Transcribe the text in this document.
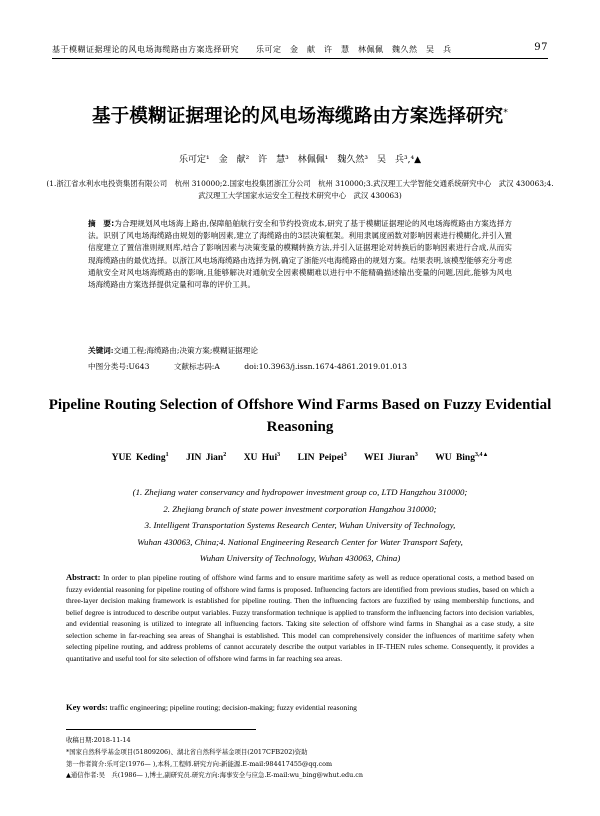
基于模糊证据理论的风电场海缆路由方案选择研究　　乐可定　金　献　许　慧　林佩佩　魏久然　吴　兵	97
基于模糊证据理论的风电场海缆路由方案选择研究*
乐可定¹　金　献²　许　慧³　林佩佩¹　魏久然³　吴　兵³,⁴▲
(1.浙江省水利水电投资集团有限公司　杭州 310000;2.国家电投集团浙江分公司　杭州 310000;3.武汉理工大学智能交通系统研究中心　武汉 430063;4.武汉理工大学国家水运安全工程技术研究中心　武汉 430063)
摘　要:为合理规划风电场海上路由,保障船舶航行安全和节约投资成本,研究了基于模糊证据理论的风电场海缆路由方案选择方法。识别了风电场海缆路由规划的影响因素,建立了海缆路由的3层决策框架。利用隶属度函数对影响因素进行模糊化,并引入置信度建立了置信准则规则库,结合了影响因素与决策变量的模糊转换方法,并引入证据理论对转换后的影响因素进行合成,从而实现海缆路由的最优选择。以浙江风电场海缆路由选择为例,确定了浙能兴电海缆路由的规划方案。结果表明,该模型能够充分考虑通航安全对风电场海缆路由的影响,且能够解决对通航安全因素模糊难以进行中不能精确描述输出变量的问题,因此,能够为风电场海缆路由方案选择提供定量和可靠的评价工具。
关键词:交通工程;海缆路由;决策方案;模糊证据理论
中图分类号:U643	文献标志码:A	doi:10.3963/j.issn.1674-4861.2019.01.013
Pipeline Routing Selection of Offshore Wind Farms Based on Fuzzy Evidential Reasoning
YUE Keding$^1$ JIN Jian$^2$ XU Hui$^3$ LIN Peipei$^3$ WEI Jiuran$^3$ WU Bing$^{3,4▲}$
(1. Zhejiang water conservancy and hydropower investment group co, LTD Hangzhou 310000;
2. Zhejiang branch of state power investment corporation Hangzhou 310000;
3. Intelligent Transportation Systems Research Center, Wuhan University of Technology,
Wuhan 430063, China;4. National Engineering Research Center for Water Transport Safety,
Wuhan University of Technology, Wuhan 430063, China)
Abstract: In order to plan pipeline routing of offshore wind farms and to ensure maritime safety as well as reduce operational costs, a method based on fuzzy evidential reasoning for pipeline routing of offshore wind farms is proposed. Influencing factors are identified from previous studies, based on which a three-layer decision making framework is established for pipeline routing. Then the influencing factors are fuzzified by using membership functions, and belief degree is introduced to describe output variables. Fuzzy transformation technique is applied to transform the influencing factors into decision variables, and evidential reasoning is utilized to integrate all influencing factors. Taking site selection of offshore wind farms in Shanghai as a case study, a site selection scheme in far-reaching sea areas of Shanghai is established. This model can comprehensively consider the influences of maritime safety when selecting pipeline routing, and address problems of cannot accurately describe the output variables in IF-THEN rules scheme. Consequently, it provides a quantitative and useful tool for site selection of offshore wind farms in far reaching sea areas.
Key words: traffic engineering; pipeline routing; decision-making; fuzzy evidential reasoning
收稿日期:2018-11-14
*国家自然科学基金项目(51809206)、湖北省自然科学基金项目(2017CFB202)资助
第一作者简介:乐可定(1976— ),本科,工程师.研究方向:新能源.E-mail:984417455@qq.com
▲通信作者:吴　兵(1986— ),博士,副研究员.研究方向:海事安全与应急.E-mail:wu_bing@whut.edu.cn
